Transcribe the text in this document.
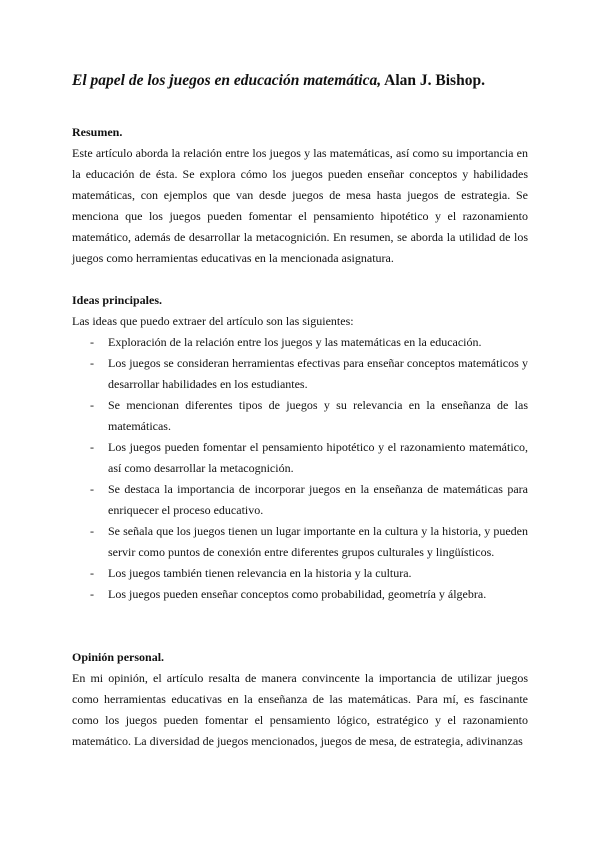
El papel de los juegos en educación matemática, Alan J. Bishop.
Resumen.

Este artículo aborda la relación entre los juegos y las matemáticas, así como su importancia en la educación de ésta. Se explora cómo los juegos pueden enseñar conceptos y habilidades matemáticas, con ejemplos que van desde juegos de mesa hasta juegos de estrategia. Se menciona que los juegos pueden fomentar el pensamiento hipotético y el razonamiento matemático, además de desarrollar la metacognición. En resumen, se aborda la utilidad de los juegos como herramientas educativas en la mencionada asignatura.

Ideas principales.

Las ideas que puedo extraer del artículo son las siguientes:

- Exploración de la relación entre los juegos y las matemáticas en la educación.
- Los juegos se consideran herramientas efectivas para enseñar conceptos matemáticos y desarrollar habilidades en los estudiantes.
- Se mencionan diferentes tipos de juegos y su relevancia en la enseñanza de las matemáticas.
- Los juegos pueden fomentar el pensamiento hipotético y el razonamiento matemático, así como desarrollar la metacognición.
- Se destaca la importancia de incorporar juegos en la enseñanza de matemáticas para enriquecer el proceso educativo.
- Se señala que los juegos tienen un lugar importante en la cultura y la historia, y pueden servir como puntos de conexión entre diferentes grupos culturales y lingüísticos.
- Los juegos también tienen relevancia en la historia y la cultura.
- Los juegos pueden enseñar conceptos como probabilidad, geometría y álgebra.
Opinión personal.

En mi opinión, el artículo resalta de manera convincente la importancia de utilizar juegos como herramientas educativas en la enseñanza de las matemáticas. Para mí, es fascinante como los juegos pueden fomentar el pensamiento lógico, estratégico y el razonamiento matemático. La diversidad de juegos mencionados, juegos de mesa, de estrategia, adivinanzas
